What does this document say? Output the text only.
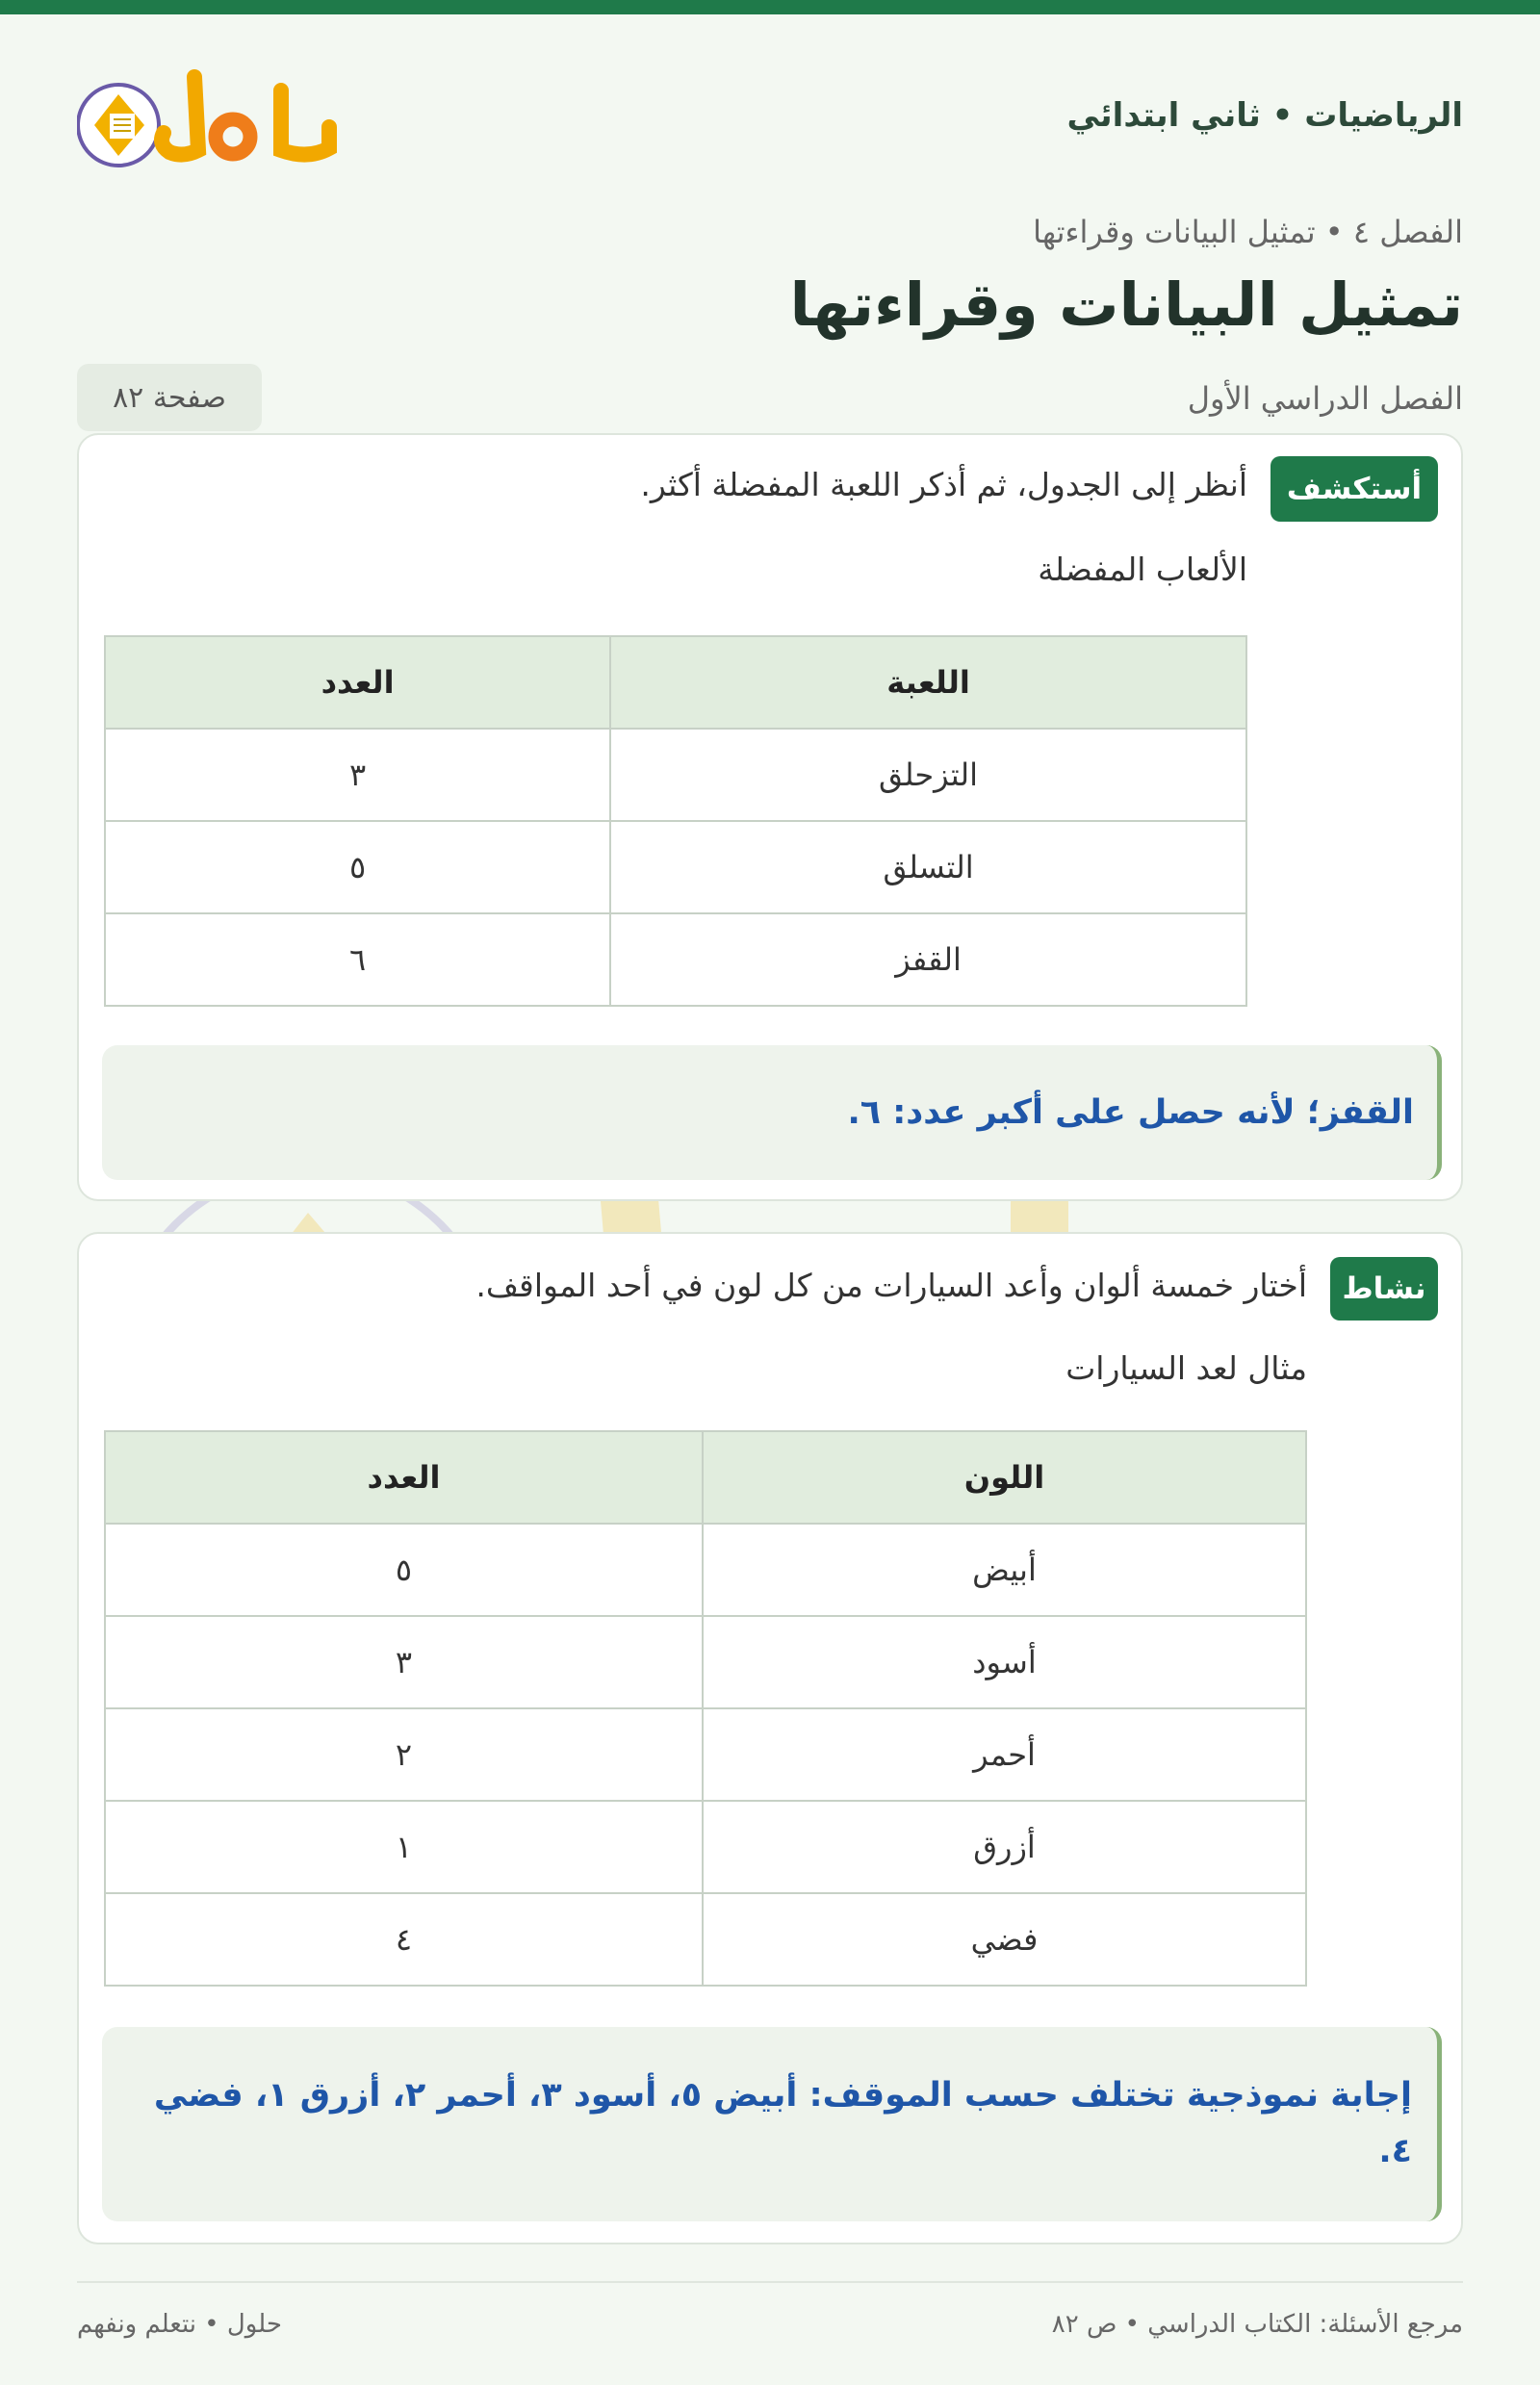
الرياضيات • ثاني ابتدائي
الفصل ٤ • تمثيل البيانات وقراءتها
تمثيل البيانات وقراءتها
الفصل الدراسي الأول
صفحة ٨٢
أستكشف
أنظر إلى الجدول، ثم أذكر اللعبة المفضلة أكثر.
الألعاب المفضلة
اللعبة	العدد
التزحلق	٣
التسلق	٥
القفز	٦
القفز؛ لأنه حصل على أكبر عدد: ٦.
نشاط
أختار خمسة ألوان وأعد السيارات من كل لون في أحد المواقف.
مثال لعد السيارات
اللون	العدد
أبيض	٥
أسود	٣
أحمر	٢
أزرق	١
فضي	٤
إجابة نموذجية تختلف حسب الموقف: أبيض ٥، أسود ٣، أحمر ٢، أزرق ١، فضي ٤.
مرجع الأسئلة: الكتاب الدراسي • ص ٨٢
حلول • نتعلم ونفهم
